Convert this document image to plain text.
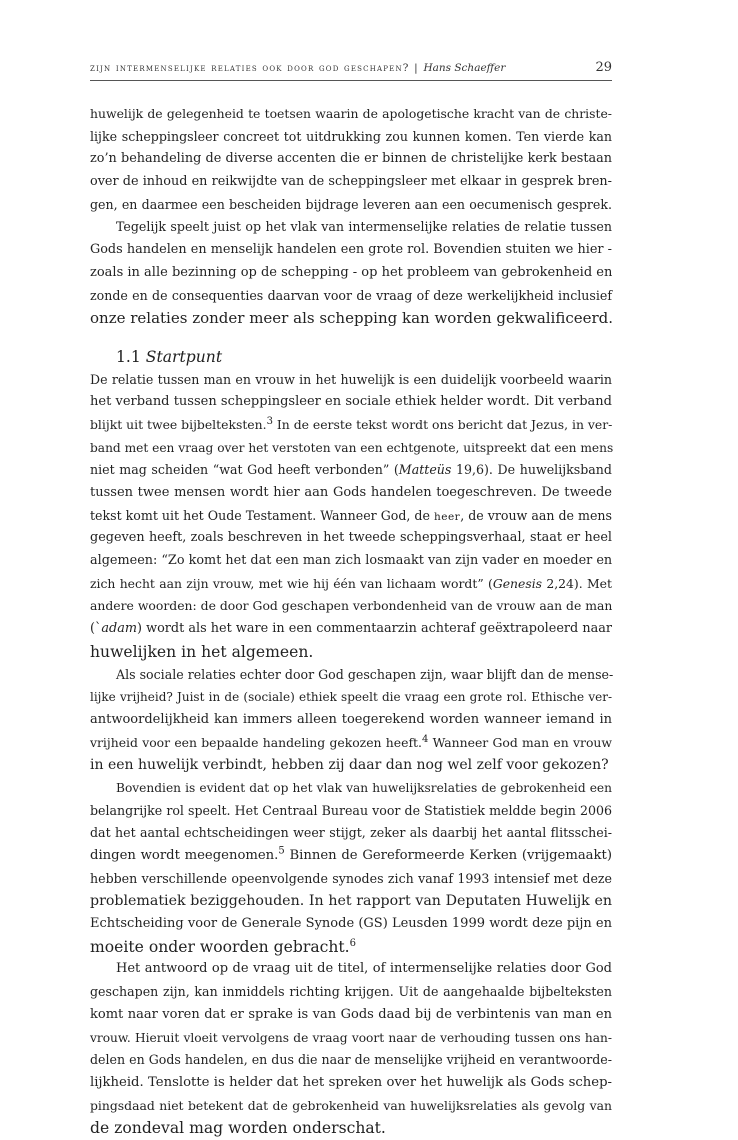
zijn intermenselijke relaties ook door god geschapen? | Hans Schaeffer	29
huwelijk de gelegenheid te toetsen waarin de apologetische kracht van de christe-
lijke scheppingsleer concreet tot uitdrukking zou kunnen komen. Ten vierde kan
zo’n behandeling de diverse accenten die er binnen de christelijke kerk bestaan
over de inhoud en reikwijdte van de scheppingsleer met elkaar in gesprek bren-
gen, en daarmee een bescheiden bijdrage leveren aan een oecumenisch gesprek.
Tegelijk speelt juist op het vlak van intermenselijke relaties de relatie tussen
Gods handelen en menselijk handelen een grote rol. Bovendien stuiten we hier -
zoals in alle bezinning op de schepping - op het probleem van gebrokenheid en
zonde en de consequenties daarvan voor de vraag of deze werkelijkheid inclusief
onze relaties zonder meer als schepping kan worden gekwalificeerd.
1.1 Startpunt
De relatie tussen man en vrouw in het huwelijk is een duidelijk voorbeeld waarin
het verband tussen scheppingsleer en sociale ethiek helder wordt. Dit verband
blijkt uit twee bijbelteksten.$^3$ In de eerste tekst wordt ons bericht dat Jezus, in ver-
band met een vraag over het verstoten van een echtgenote, uitspreekt dat een mens
niet mag scheiden “wat God heeft verbonden” (Matteüs 19,6). De huwelijksband
tussen twee mensen wordt hier aan Gods handelen toegeschreven. De tweede
tekst komt uit het Oude Testament. Wanneer God, de heer, de vrouw aan de mens
gegeven heeft, zoals beschreven in het tweede scheppingsverhaal, staat er heel
algemeen: “Zo komt het dat een man zich losmaakt van zijn vader en moeder en
zich hecht aan zijn vrouw, met wie hij één van lichaam wordt” (Genesis 2,24). Met
andere woorden: de door God geschapen verbondenheid van de vrouw aan de man
(`adam) wordt als het ware in een commentaarzin achteraf geëxtrapoleerd naar
huwelijken in het algemeen.
Als sociale relaties echter door God geschapen zijn, waar blijft dan de mense-
lijke vrijheid? Juist in de (sociale) ethiek speelt die vraag een grote rol. Ethische ver-
antwoordelijkheid kan immers alleen toegerekend worden wanneer iemand in
vrijheid voor een bepaalde handeling gekozen heeft.$^4$ Wanneer God man en vrouw
in een huwelijk verbindt, hebben zij daar dan nog wel zelf voor gekozen?
Bovendien is evident dat op het vlak van huwelijksrelaties de gebrokenheid een
belangrijke rol speelt. Het Centraal Bureau voor de Statistiek meldde begin 2006
dat het aantal echtscheidingen weer stijgt, zeker als daarbij het aantal flitsschei-
dingen wordt meegenomen.$^5$ Binnen de Gereformeerde Kerken (vrijgemaakt)
hebben verschillende opeenvolgende synodes zich vanaf 1993 intensief met deze
problematiek beziggehouden. In het rapport van Deputaten Huwelijk en
Echtscheiding voor de Generale Synode (GS) Leusden 1999 wordt deze pijn en
moeite onder woorden gebracht.$^6$
Het antwoord op de vraag uit de titel, of intermenselijke relaties door God
geschapen zijn, kan inmiddels richting krijgen. Uit de aangehaalde bijbelteksten
komt naar voren dat er sprake is van Gods daad bij de verbintenis van man en
vrouw. Hieruit vloeit vervolgens de vraag voort naar de verhouding tussen ons han-
delen en Gods handelen, en dus die naar de menselijke vrijheid en verantwoorde-
lijkheid. Tenslotte is helder dat het spreken over het huwelijk als Gods schep-
pingsdaad niet betekent dat de gebrokenheid van huwelijksrelaties als gevolg van
de zondeval mag worden onderschat.
